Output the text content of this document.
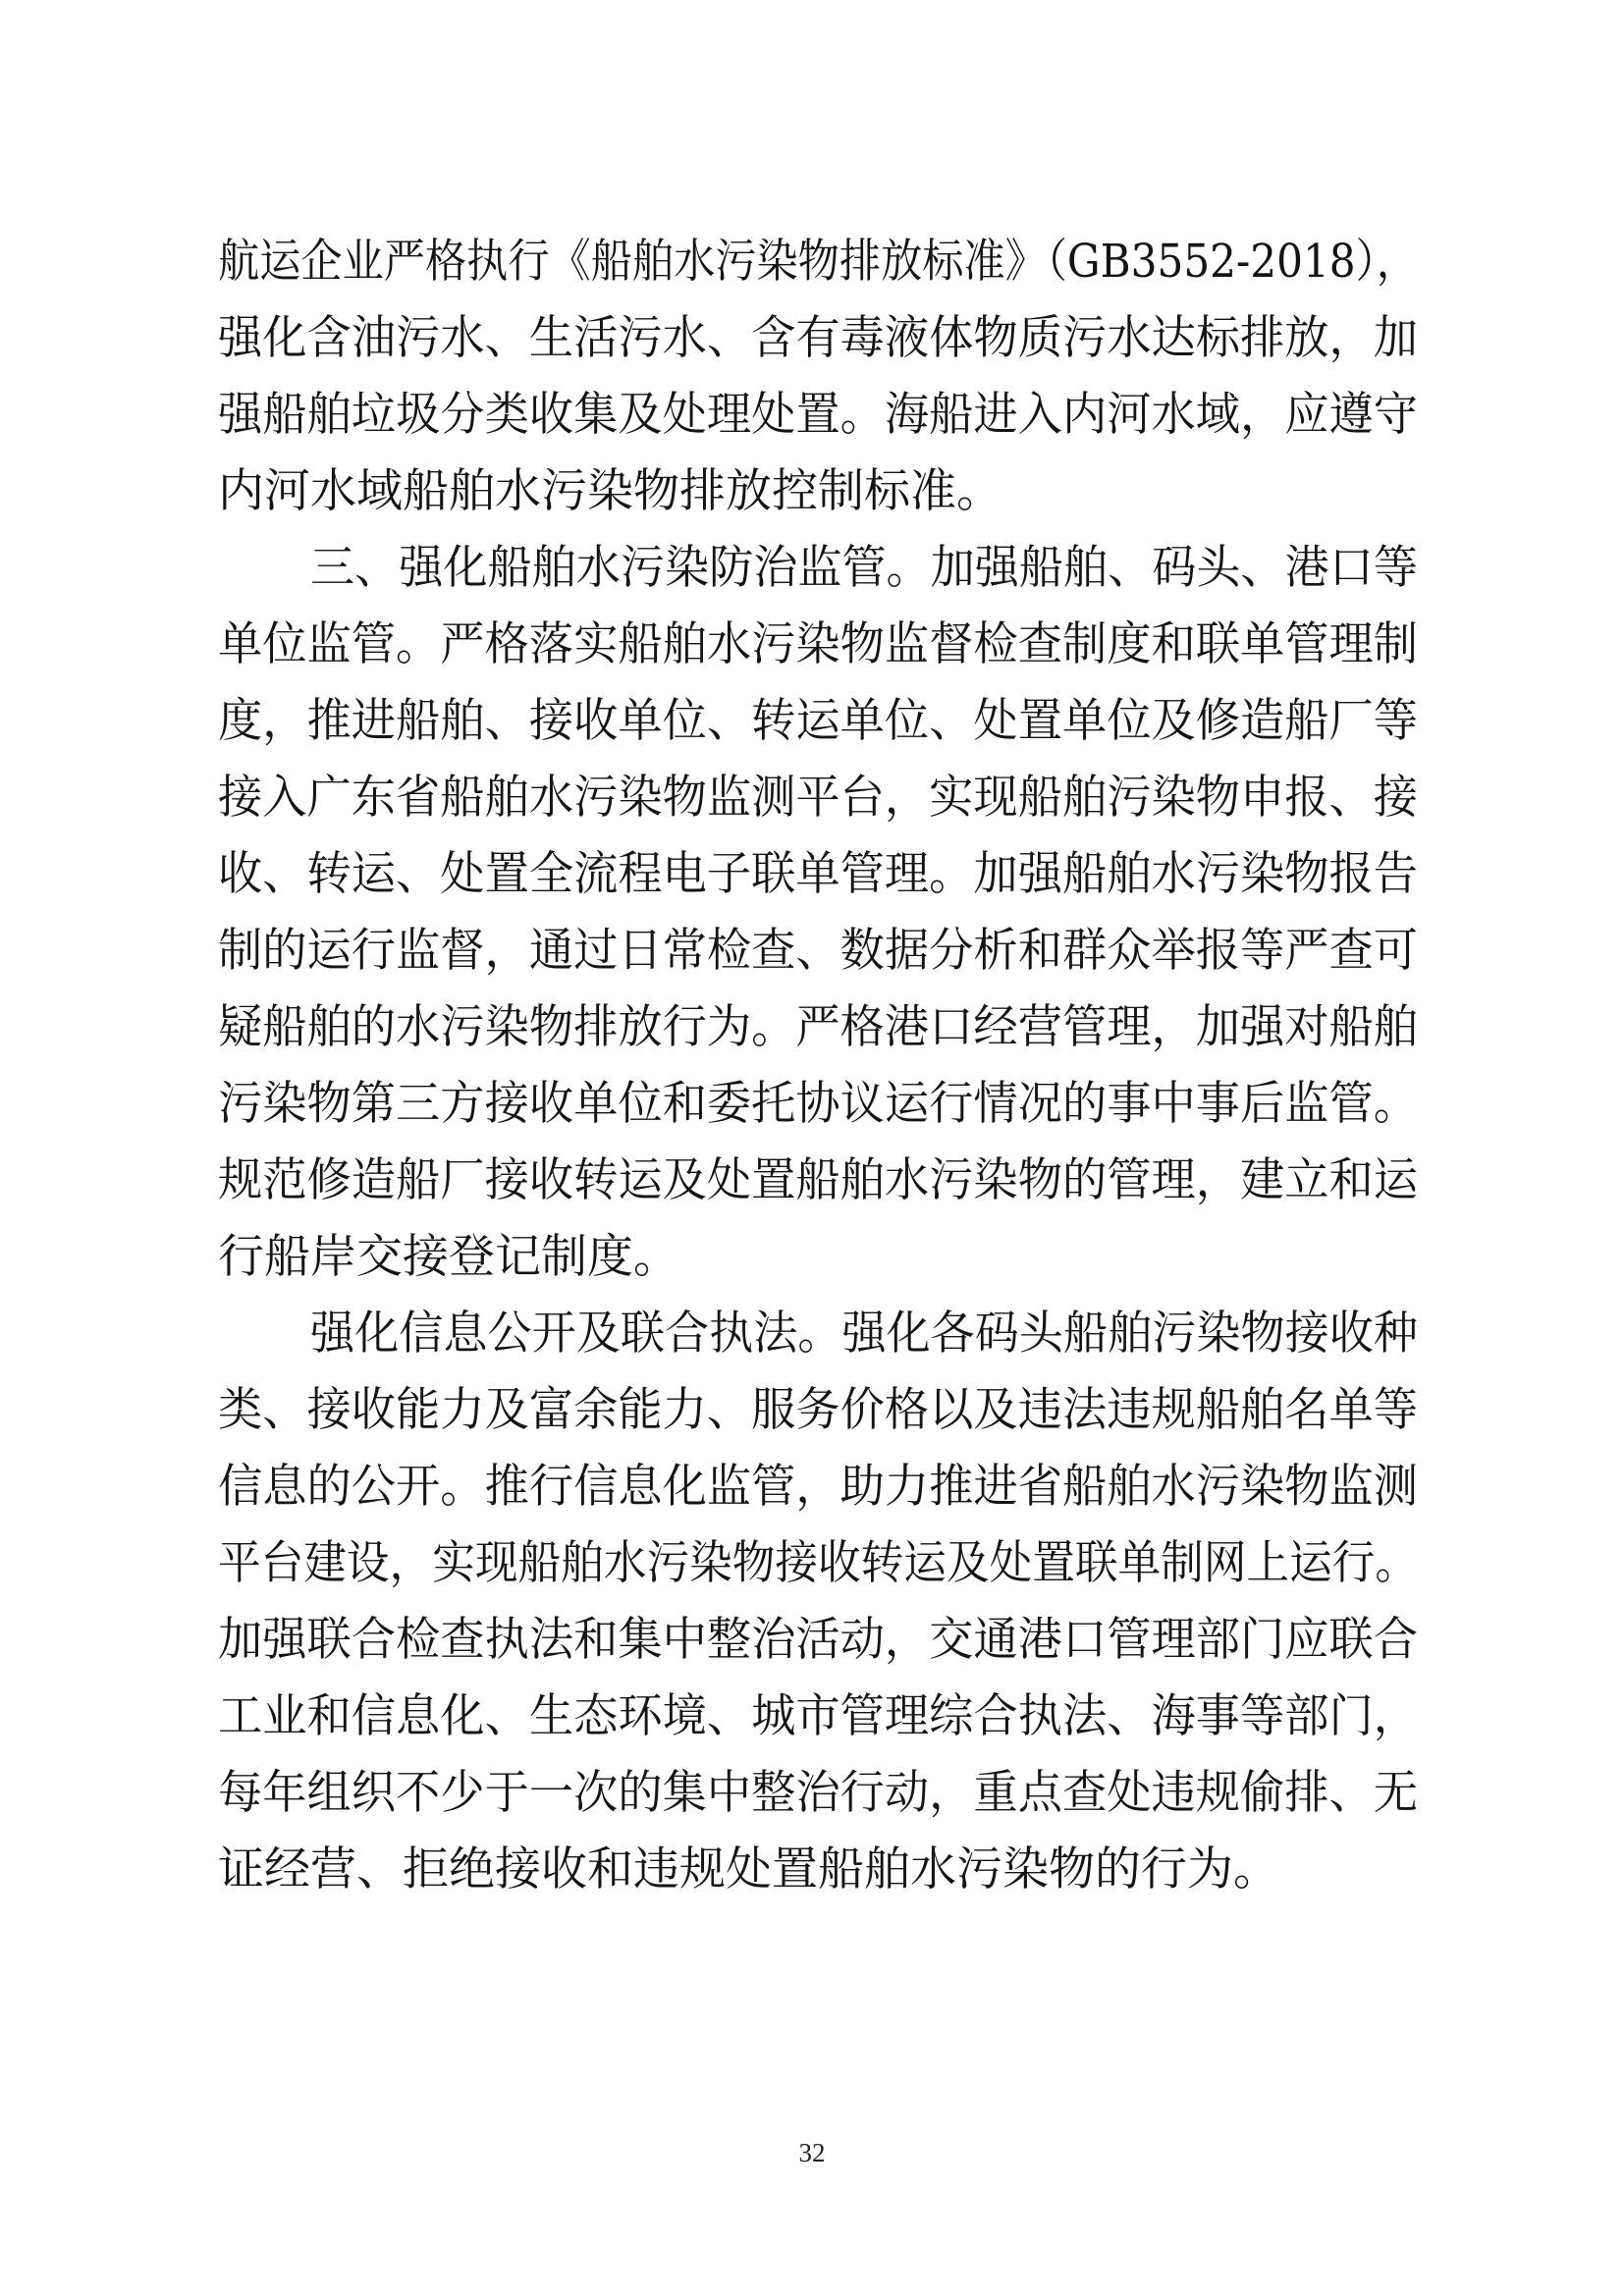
航运企业严格执行《船舶水污染物排放标准》（GB3552-2018），
强化含油污水、生活污水、含有毒液体物质污水达标排放，加
强船舶垃圾分类收集及处理处置。海船进入内河水域，应遵守
内河水域船舶水污染物排放控制标准。
三、强化船舶水污染防治监管。加强船舶、码头、港口等
单位监管。严格落实船舶水污染物监督检查制度和联单管理制
度，推进船舶、接收单位、转运单位、处置单位及修造船厂等
接入广东省船舶水污染物监测平台，实现船舶污染物申报、接
收、转运、处置全流程电子联单管理。加强船舶水污染物报告
制的运行监督，通过日常检查、数据分析和群众举报等严查可
疑船舶的水污染物排放行为。严格港口经营管理，加强对船舶
污染物第三方接收单位和委托协议运行情况的事中事后监管。
规范修造船厂接收转运及处置船舶水污染物的管理，建立和运
行船岸交接登记制度。
强化信息公开及联合执法。强化各码头船舶污染物接收种
类、接收能力及富余能力、服务价格以及违法违规船舶名单等
信息的公开。推行信息化监管，助力推进省船舶水污染物监测
平台建设，实现船舶水污染物接收转运及处置联单制网上运行。
加强联合检查执法和集中整治活动，交通港口管理部门应联合
工业和信息化、生态环境、城市管理综合执法、海事等部门，
每年组织不少于一次的集中整治行动，重点查处违规偷排、无
证经营、拒绝接收和违规处置船舶水污染物的行为。
32
